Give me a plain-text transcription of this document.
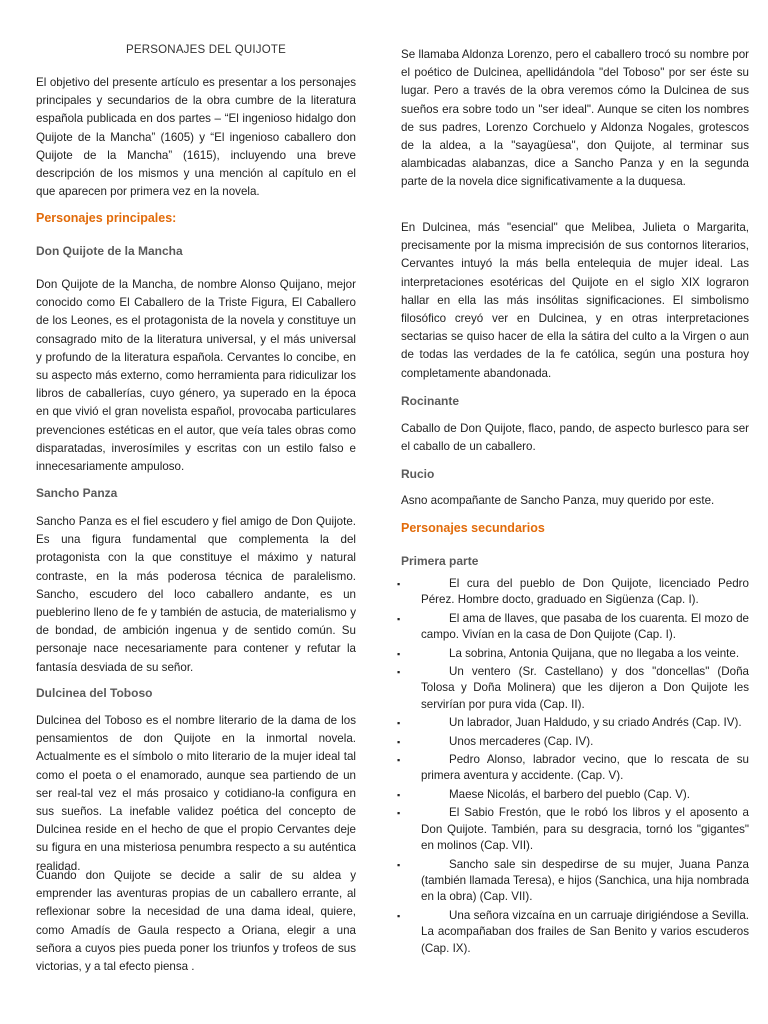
PERSONAJES DEL QUIJOTE

El objetivo del presente artículo es presentar a los personajes principales y secundarios de la obra cumbre de la literatura española publicada en dos partes – “El ingenioso hidalgo don Quijote de la Mancha” (1605) y “El ingenioso caballero don Quijote de la Mancha” (1615), incluyendo una breve descripción de los mismos y una mención al capítulo en el que aparecen por primera vez en la novela.

Personajes principales:
Don Quijote de la Mancha

Don Quijote de la Mancha, de nombre Alonso Quijano, mejor conocido como El Caballero de la Triste Figura, El Caballero de los Leones, es el protagonista de la novela y constituye un consagrado mito de la literatura universal, y el más universal y profundo de la literatura española. Cervantes lo concibe, en su aspecto más externo, como herramienta para ridiculizar los libros de caballerías, cuyo género, ya superado en la época en que vivió el gran novelista español, provocaba particulares prevenciones estéticas en el autor, que veía tales obras como disparatadas, inverosímiles y escritas con un estilo falso e innecesariamente ampuloso.

Sancho Panza

Sancho Panza es el fiel escudero y fiel amigo de Don Quijote. Es una figura fundamental que complementa la del protagonista con la que constituye el máximo y natural contraste, en la más poderosa técnica de paralelismo. Sancho, escudero del loco caballero andante, es un pueblerino lleno de fe y también de astucia, de materialismo y de bondad, de ambición ingenua y de sentido común. Su personaje nace necesariamente para contener y refutar la fantasía desviada de su señor.

Dulcinea del Toboso

Dulcinea del Toboso es el nombre literario de la dama de los pensamientos de don Quijote en la inmortal novela. Actualmente es el símbolo o mito literario de la mujer ideal tal como el poeta o el enamorado, aunque sea partiendo de un ser real-tal vez el más prosaico y cotidiano-la configura en sus sueños. La inefable validez poética del concepto de Dulcinea reside en el hecho de que el propio Cervantes deje su figura en una misteriosa penumbra respecto a su auténtica realidad.

Cuando don Quijote se decide a salir de su aldea y emprender las aventuras propias de un caballero errante, al reflexionar sobre la necesidad de una dama ideal, quiere, como Amadís de Gaula respecto a Oriana, elegir a una señora a cuyos pies pueda poner los triunfos y trofeos de sus victorias, y a tal efecto piensa .

Se llamaba Aldonza Lorenzo, pero el caballero trocó su nombre por el poético de Dulcinea, apellidándola "del Toboso" por ser éste su lugar. Pero a través de la obra veremos cómo la Dulcinea de sus sueños era sobre todo un "ser ideal". Aunque se citen los nombres de sus padres, Lorenzo Corchuelo y Aldonza Nogales, grotescos de la aldea, a la "sayagüesa", don Quijote, al terminar sus alambicadas alabanzas, dice a Sancho Panza y en la segunda parte de la novela dice significativamente a la duquesa.

En Dulcinea, más "esencial" que Melibea, Julieta o Margarita, precisamente por la misma imprecisión de sus contornos literarios, Cervantes intuyó la más bella entelequia de mujer ideal. Las interpretaciones esotéricas del Quijote en el siglo XIX lograron hallar en ella las más insólitas significaciones. El simbolismo filosófico creyó ver en Dulcinea, y en otras interpretaciones sectarias se quiso hacer de ella la sátira del culto a la Virgen o aun de todas las verdades de la fe católica, según una postura hoy completamente abandonada.

Rocinante

Caballo de Don Quijote, flaco, pando, de aspecto burlesco para ser el caballo de un caballero.

Rucio

Asno acompañante de Sancho Panza, muy querido por este.

Personajes secundarios
Primera parte
▪	El cura del pueblo de Don Quijote, licenciado Pedro Pérez. Hombre docto, graduado en Sigüenza (Cap. I).
▪	El ama de llaves, que pasaba de los cuarenta. El mozo de campo. Vivían en la casa de Don Quijote (Cap. I).
▪	La sobrina, Antonia Quijana, que no llegaba a los veinte.
▪	Un ventero (Sr. Castellano) y dos "doncellas" (Doña Tolosa y Doña Molinera) que les dijeron a Don Quijote les servirían por pura vida (Cap. II).
▪	Un labrador, Juan Haldudo, y su criado Andrés (Cap. IV).
▪	Unos mercaderes (Cap. IV).
▪	Pedro Alonso, labrador vecino, que lo rescata de su primera aventura y accidente. (Cap. V).
▪	Maese Nicolás, el barbero del pueblo (Cap. V).
▪	El Sabio Frestón, que le robó los libros y el aposento a Don Quijote. También, para su desgracia, tornó los "gigantes" en molinos (Cap. VII).
▪	Sancho sale sin despedirse de su mujer, Juana Panza (también llamada Teresa), e hijos (Sanchica, una hija nombrada en la obra) (Cap. VII).
▪	Una señora vizcaína en un carruaje dirigiéndose a Sevilla. La acompañaban dos frailes de San Benito y varios escuderos (Cap. IX).
